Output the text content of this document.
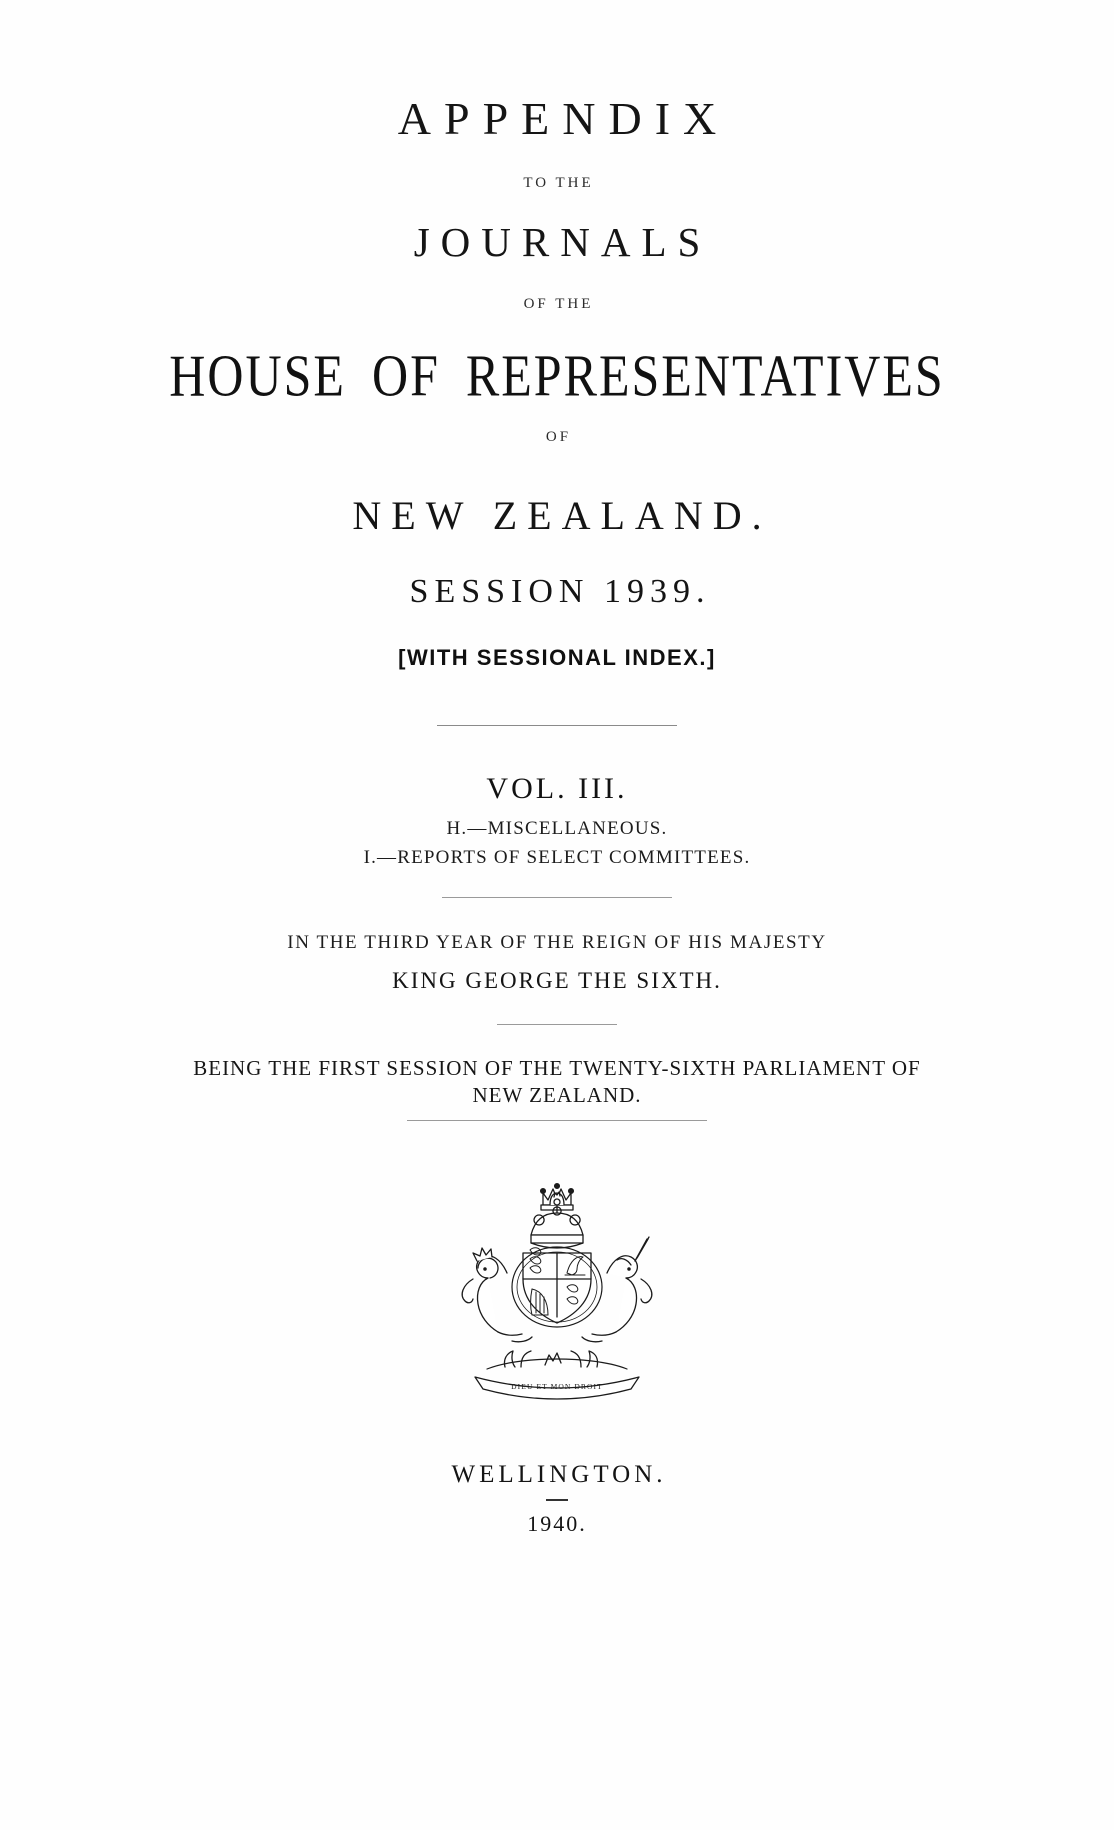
APPENDIX
TO THE
JOURNALS
OF THE
HOUSE OF REPRESENTATIVES
OF
NEW ZEALAND.
SESSION 1939.
[WITH SESSIONAL INDEX.]
VOL. III.
H.—MISCELLANEOUS.
I.—REPORTS OF SELECT COMMITTEES.
IN THE THIRD YEAR OF THE REIGN OF HIS MAJESTY
KING GEORGE THE SIXTH.
BEING THE FIRST SESSION OF THE TWENTY-SIXTH PARLIAMENT OF
NEW ZEALAND.
DIEU ET MON DROIT
WELLINGTON.
1940.
